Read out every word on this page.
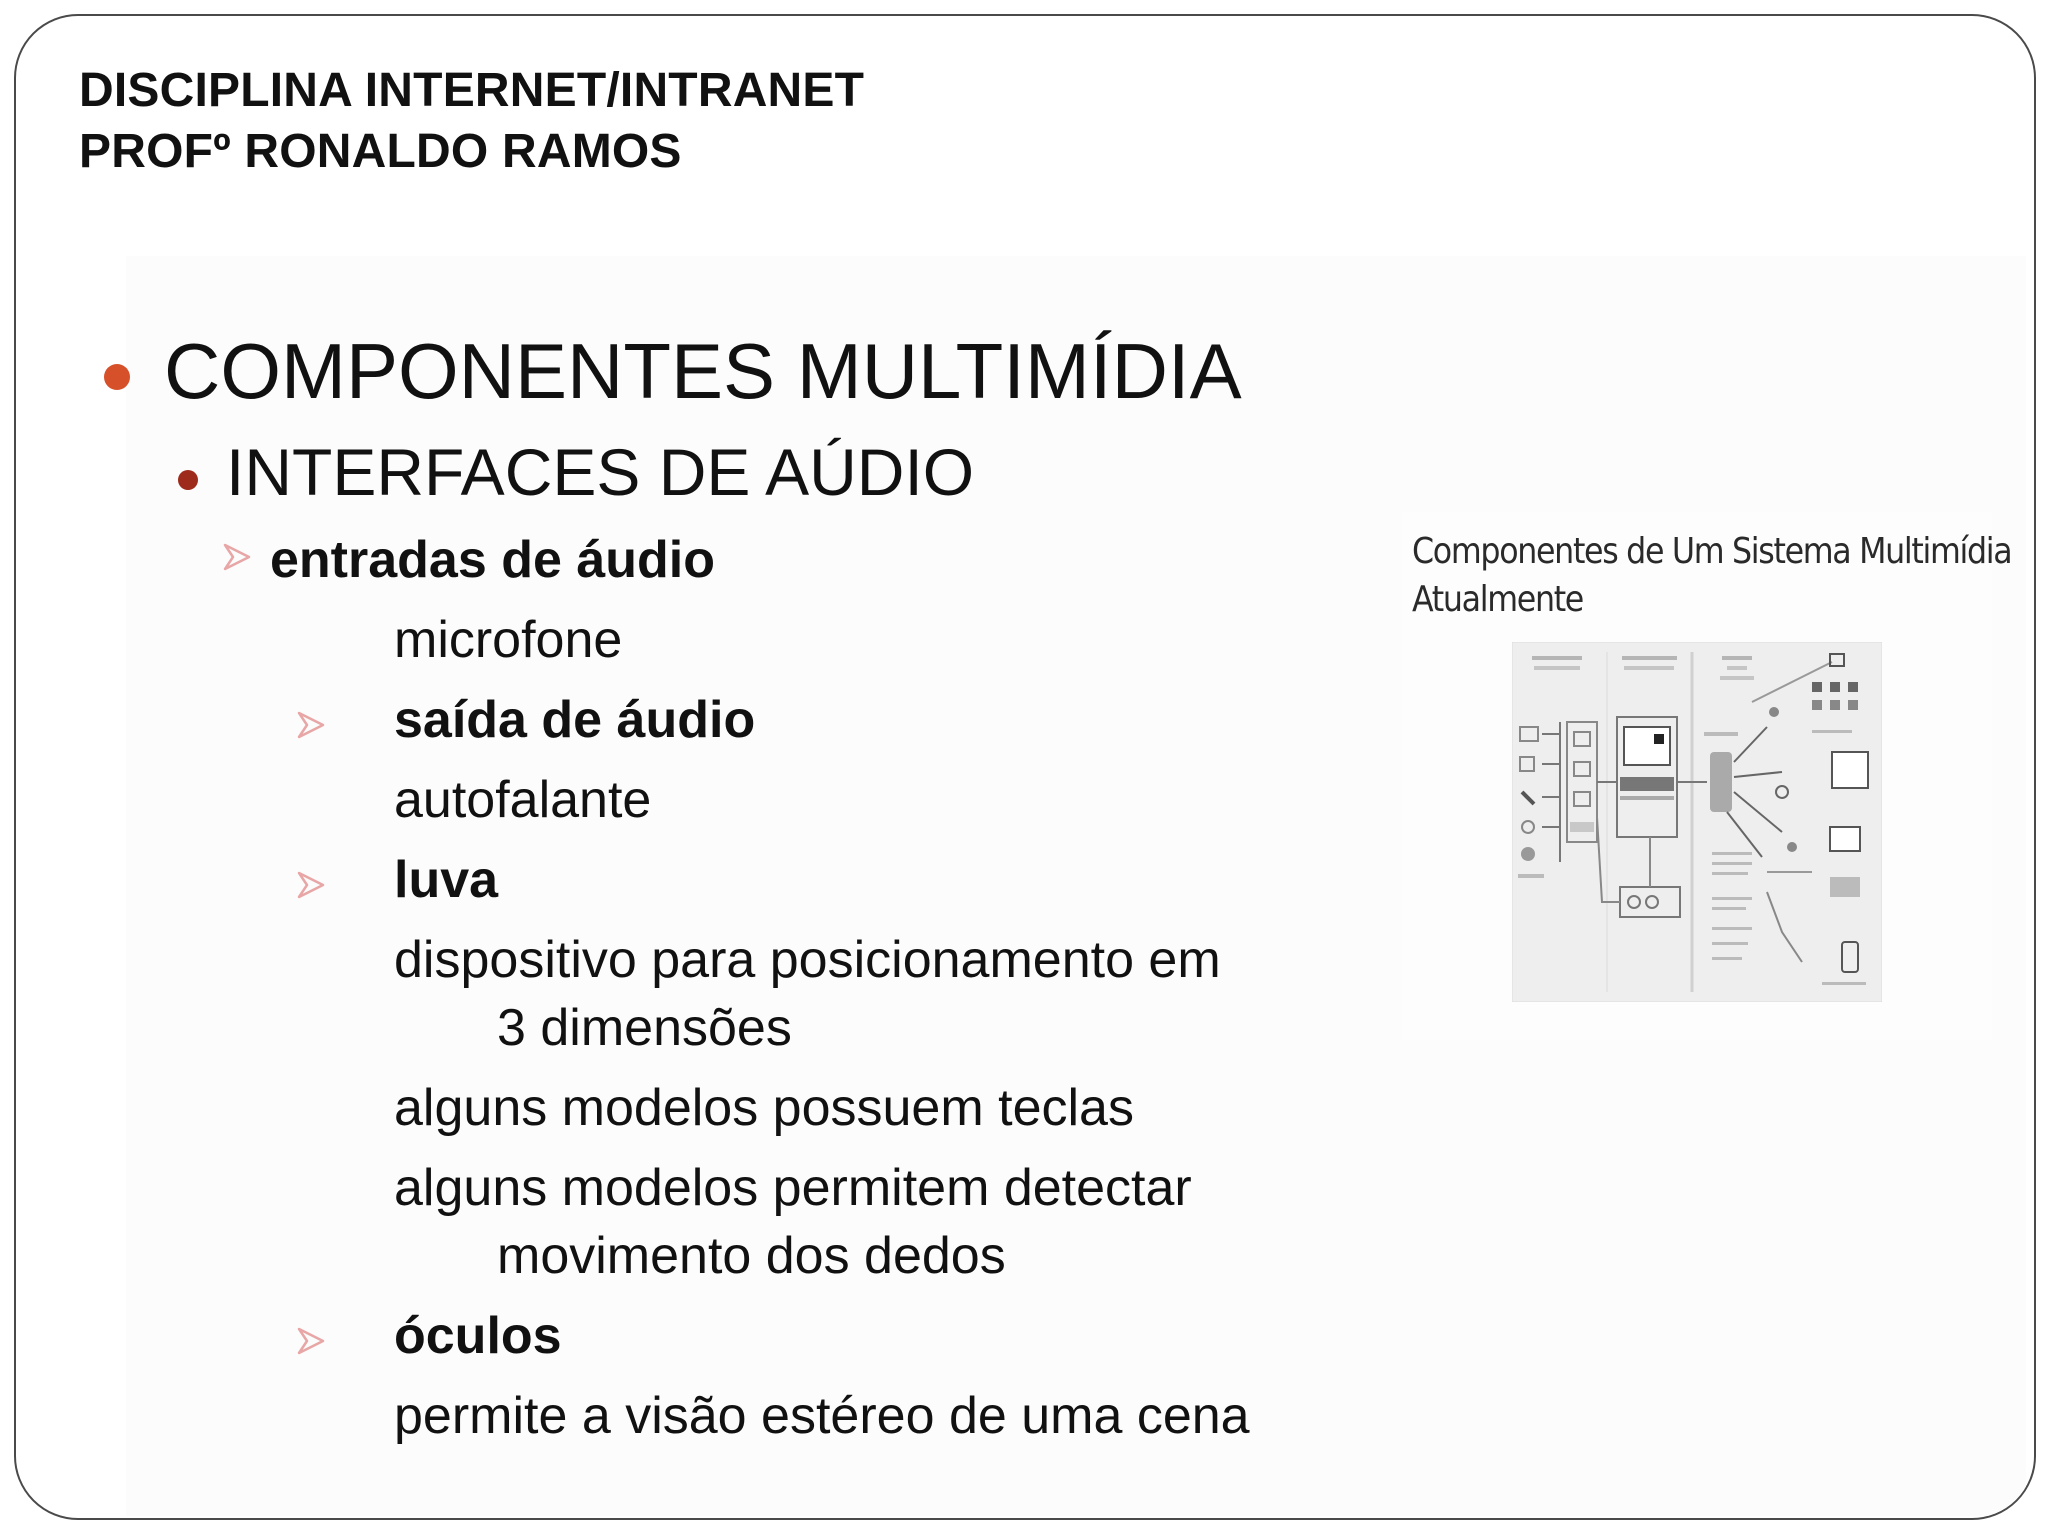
DISCIPLINA INTERNET/INTRANET
PROFº RONALDO RAMOS
COMPONENTES MULTIMÍDIA
INTERFACES DE AÚDIO
entradas de áudio
microfone
saída de áudio
autofalante
luva
dispositivo para posicionamento em
3 dimensões
alguns modelos possuem teclas
alguns modelos permitem detectar
movimento dos dedos
óculos
permite a visão estéreo de uma cena
Componentes de Um Sistema Multimídia
Atualmente
